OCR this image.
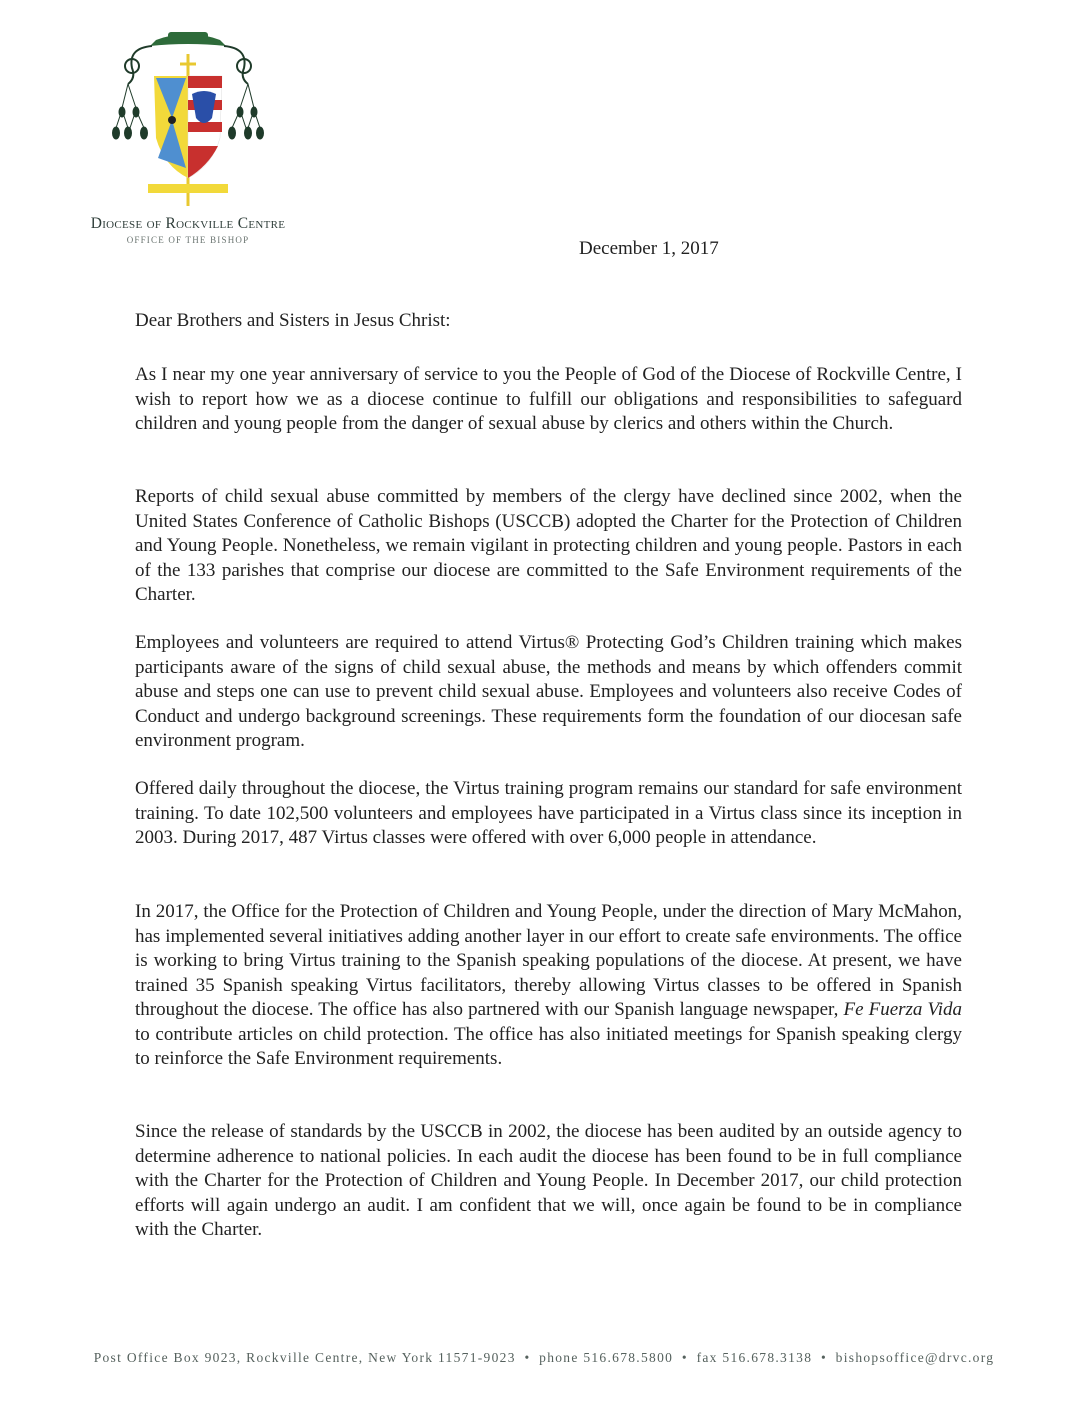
Diocese of Rockville Centre
OFFICE OF THE BISHOP	December 1, 2017
Dear Brothers and Sisters in Jesus Christ:

As I near my one year anniversary of service to you the People of God of the Diocese of Rockville Centre, I wish to report how we as a diocese continue to fulfill our obligations and responsibilities to safeguard children and young people from the danger of sexual abuse by clerics and others within the Church.

Reports of child sexual abuse committed by members of the clergy have declined since 2002, when the United States Conference of Catholic Bishops (USCCB) adopted the Charter for the Protection of Children and Young People. Nonetheless, we remain vigilant in protecting children and young people. Pastors in each of the 133 parishes that comprise our diocese are committed to the Safe Environment requirements of the Charter.

Employees and volunteers are required to attend Virtus® Protecting God’s Children training which makes participants aware of the signs of child sexual abuse, the methods and means by which offenders commit abuse and steps one can use to prevent child sexual abuse. Employees and volunteers also receive Codes of Conduct and undergo background screenings. These requirements form the foundation of our diocesan safe environment program.

Offered daily throughout the diocese, the Virtus training program remains our standard for safe environment training. To date 102,500 volunteers and employees have participated in a Virtus class since its inception in 2003. During 2017, 487 Virtus classes were offered with over 6,000 people in attendance.

In 2017, the Office for the Protection of Children and Young People, under the direction of Mary McMahon, has implemented several initiatives adding another layer in our effort to create safe environments. The office is working to bring Virtus training to the Spanish speaking populations of the diocese. At present, we have trained 35 Spanish speaking Virtus facilitators, thereby allowing Virtus classes to be offered in Spanish throughout the diocese. The office has also partnered with our Spanish language newspaper, Fe Fuerza Vida to contribute articles on child protection. The office has also initiated meetings for Spanish speaking clergy to reinforce the Safe Environment requirements.

Since the release of standards by the USCCB in 2002, the diocese has been audited by an outside agency to determine adherence to national policies. In each audit the diocese has been found to be in full compliance with the Charter for the Protection of Children and Young People. In December 2017, our child protection efforts will again undergo an audit. I am confident that we will, once again be found to be in compliance with the Charter.

Post Office Box 9023, Rockville Centre, New York 11571-9023 • phone 516.678.5800 • fax 516.678.3138 • bishopsoffice@drvc.org
